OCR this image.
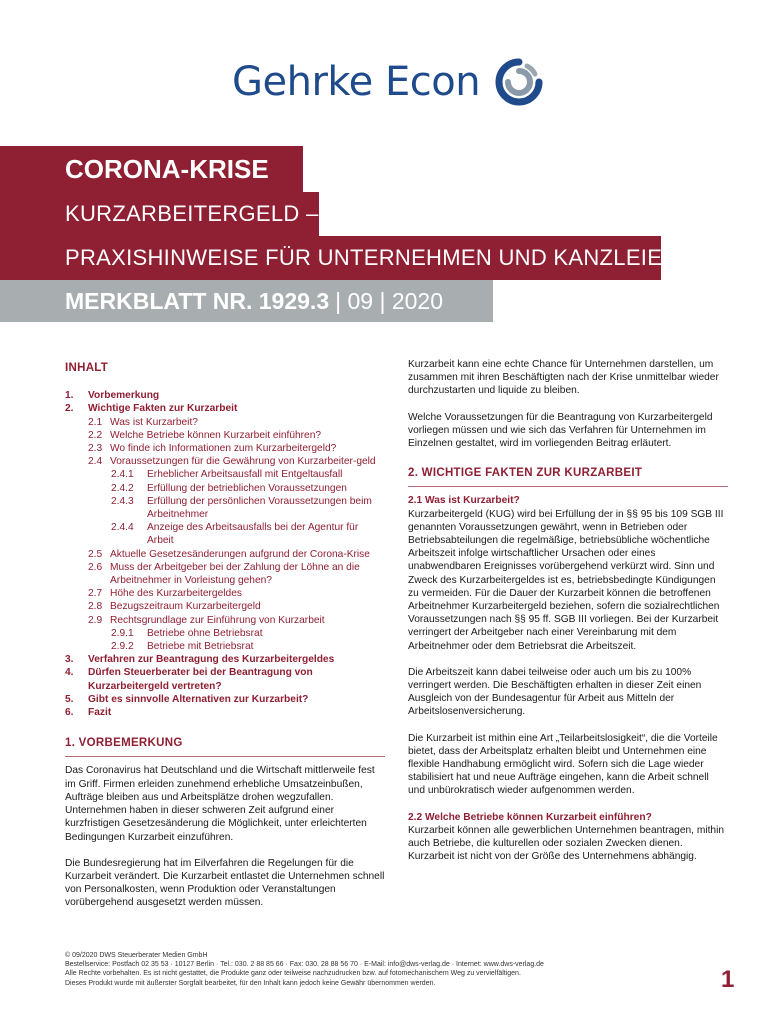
Gehrke Econ
CORONA-KRISE
KURZARBEITERGELD –
PRAXISHINWEISE FÜR UNTERNEHMEN UND KANZLEIEN
MERKBLATT NR. 1929.3 | 09 | 2020
INHALT
1.	Vorbemerkung
2.	Wichtige Fakten zur Kurzarbeit
2.1 Was ist Kurzarbeit?
2.2 Welche Betriebe können Kurzarbeit einführen?
2.3 Wo finde ich Informationen zum Kurzarbeitergeld?
2.4 Voraussetzungen für die Gewährung von Kurzarbeiter-geld
2.4.1	Erheblicher Arbeitsausfall mit Entgeltausfall
2.4.2	Erfüllung der betrieblichen Voraussetzungen
2.4.3	Erfüllung der persönlichen Voraussetzungen beim Arbeitnehmer
2.4.4	Anzeige des Arbeitsausfalls bei der Agentur für Arbeit
2.5 Aktuelle Gesetzesänderungen aufgrund der Corona-Krise
2.6 Muss der Arbeitgeber bei der Zahlung der Löhne an die Arbeitnehmer in Vorleistung gehen?
2.7 Höhe des Kurzarbeitergeldes
2.8 Bezugszeitraum Kurzarbeitergeld
2.9 Rechtsgrundlage zur Einführung von Kurzarbeit
2.9.1	Betriebe ohne Betriebsrat
2.9.2	Betriebe mit Betriebsrat
3.	Verfahren zur Beantragung des Kurzarbeitergeldes
4.	Dürfen Steuerberater bei der Beantragung von Kurzarbeitergeld vertreten?
5.	Gibt es sinnvolle Alternativen zur Kurzarbeit?
6.	Fazit
1. VORBEMERKUNG

Das Coronavirus hat Deutschland und die Wirtschaft mittlerweile fest im Griff. Firmen erleiden zunehmend erhebliche Umsatzeinbußen, Aufträge bleiben aus und Arbeitsplätze drohen wegzufallen. Unternehmen haben in dieser schweren Zeit aufgrund einer kurzfristigen Gesetzesänderung die Möglichkeit, unter erleichterten Bedingungen Kurzarbeit einzuführen.

Die Bundesregierung hat im Eilverfahren die Regelungen für die Kurzarbeit verändert. Die Kurzarbeit entlastet die Unternehmen schnell von Personalkosten, wenn Produktion oder Veranstaltungen vorübergehend ausgesetzt werden müssen.

Kurzarbeit kann eine echte Chance für Unternehmen darstellen, um zusammen mit ihren Beschäftigten nach der Krise unmittelbar wieder durchzustarten und liquide zu bleiben.

Welche Voraussetzungen für die Beantragung von Kurzarbeitergeld vorliegen müssen und wie sich das Verfahren für Unternehmen im Einzelnen gestaltet, wird im vorliegenden Beitrag erläutert.

2. WICHTIGE FAKTEN ZUR KURZARBEIT
2.1 Was ist Kurzarbeit?

Kurzarbeitergeld (KUG) wird bei Erfüllung der in §§ 95 bis 109 SGB III genannten Voraussetzungen gewährt, wenn in Betrieben oder Betriebsabteilungen die regelmäßige, betriebsübliche wöchentliche Arbeitszeit infolge wirtschaftlicher Ursachen oder eines unabwendbaren Ereignisses vorübergehend verkürzt wird. Sinn und Zweck des Kurzarbeitergeldes ist es, betriebsbedingte Kündigungen zu vermeiden. Für die Dauer der Kurzarbeit können die betroffenen Arbeitnehmer Kurzarbeitergeld beziehen, sofern die sozialrechtlichen Voraussetzungen nach §§ 95 ff. SGB III vorliegen. Bei der Kurzarbeit verringert der Arbeitgeber nach einer Vereinbarung mit dem Arbeitnehmer oder dem Betriebsrat die Arbeitszeit.

Die Arbeitszeit kann dabei teilweise oder auch um bis zu 100% verringert werden. Die Beschäftigten erhalten in dieser Zeit einen Ausgleich von der Bundesagentur für Arbeit aus Mitteln der Arbeitslosenversicherung.

Die Kurzarbeit ist mithin eine Art „Teilarbeitslosigkeit“, die die Vorteile bietet, dass der Arbeitsplatz erhalten bleibt und Unternehmen eine flexible Handhabung ermöglicht wird. Sofern sich die Lage wieder stabilisiert hat und neue Aufträge eingehen, kann die Arbeit schnell und unbürokratisch wieder aufgenommen werden.

2.2 Welche Betriebe können Kurzarbeit einführen?

Kurzarbeit können alle gewerblichen Unternehmen beantragen, mithin auch Betriebe, die kulturellen oder sozialen Zwecken dienen. Kurzarbeit ist nicht von der Größe des Unternehmens abhängig.

© 09/2020 DWS Steuerberater Medien GmbH
Bestellservice: Postfach 02 35 53 · 10127 Berlin · Tel.: 030. 2 88 85 66 · Fax: 030. 28 88 56 70 · E-Mail: info@dws-verlag.de · Internet: www.dws-verlag.de
Alle Rechte vorbehalten. Es ist nicht gestattet, die Produkte ganz oder teilweise nachzudrucken bzw. auf fotomechanischem Weg zu vervielfältigen.
Dieses Produkt wurde mit äußerster Sorgfalt bearbeitet, für den Inhalt kann jedoch keine Gewähr übernommen werden.	1
